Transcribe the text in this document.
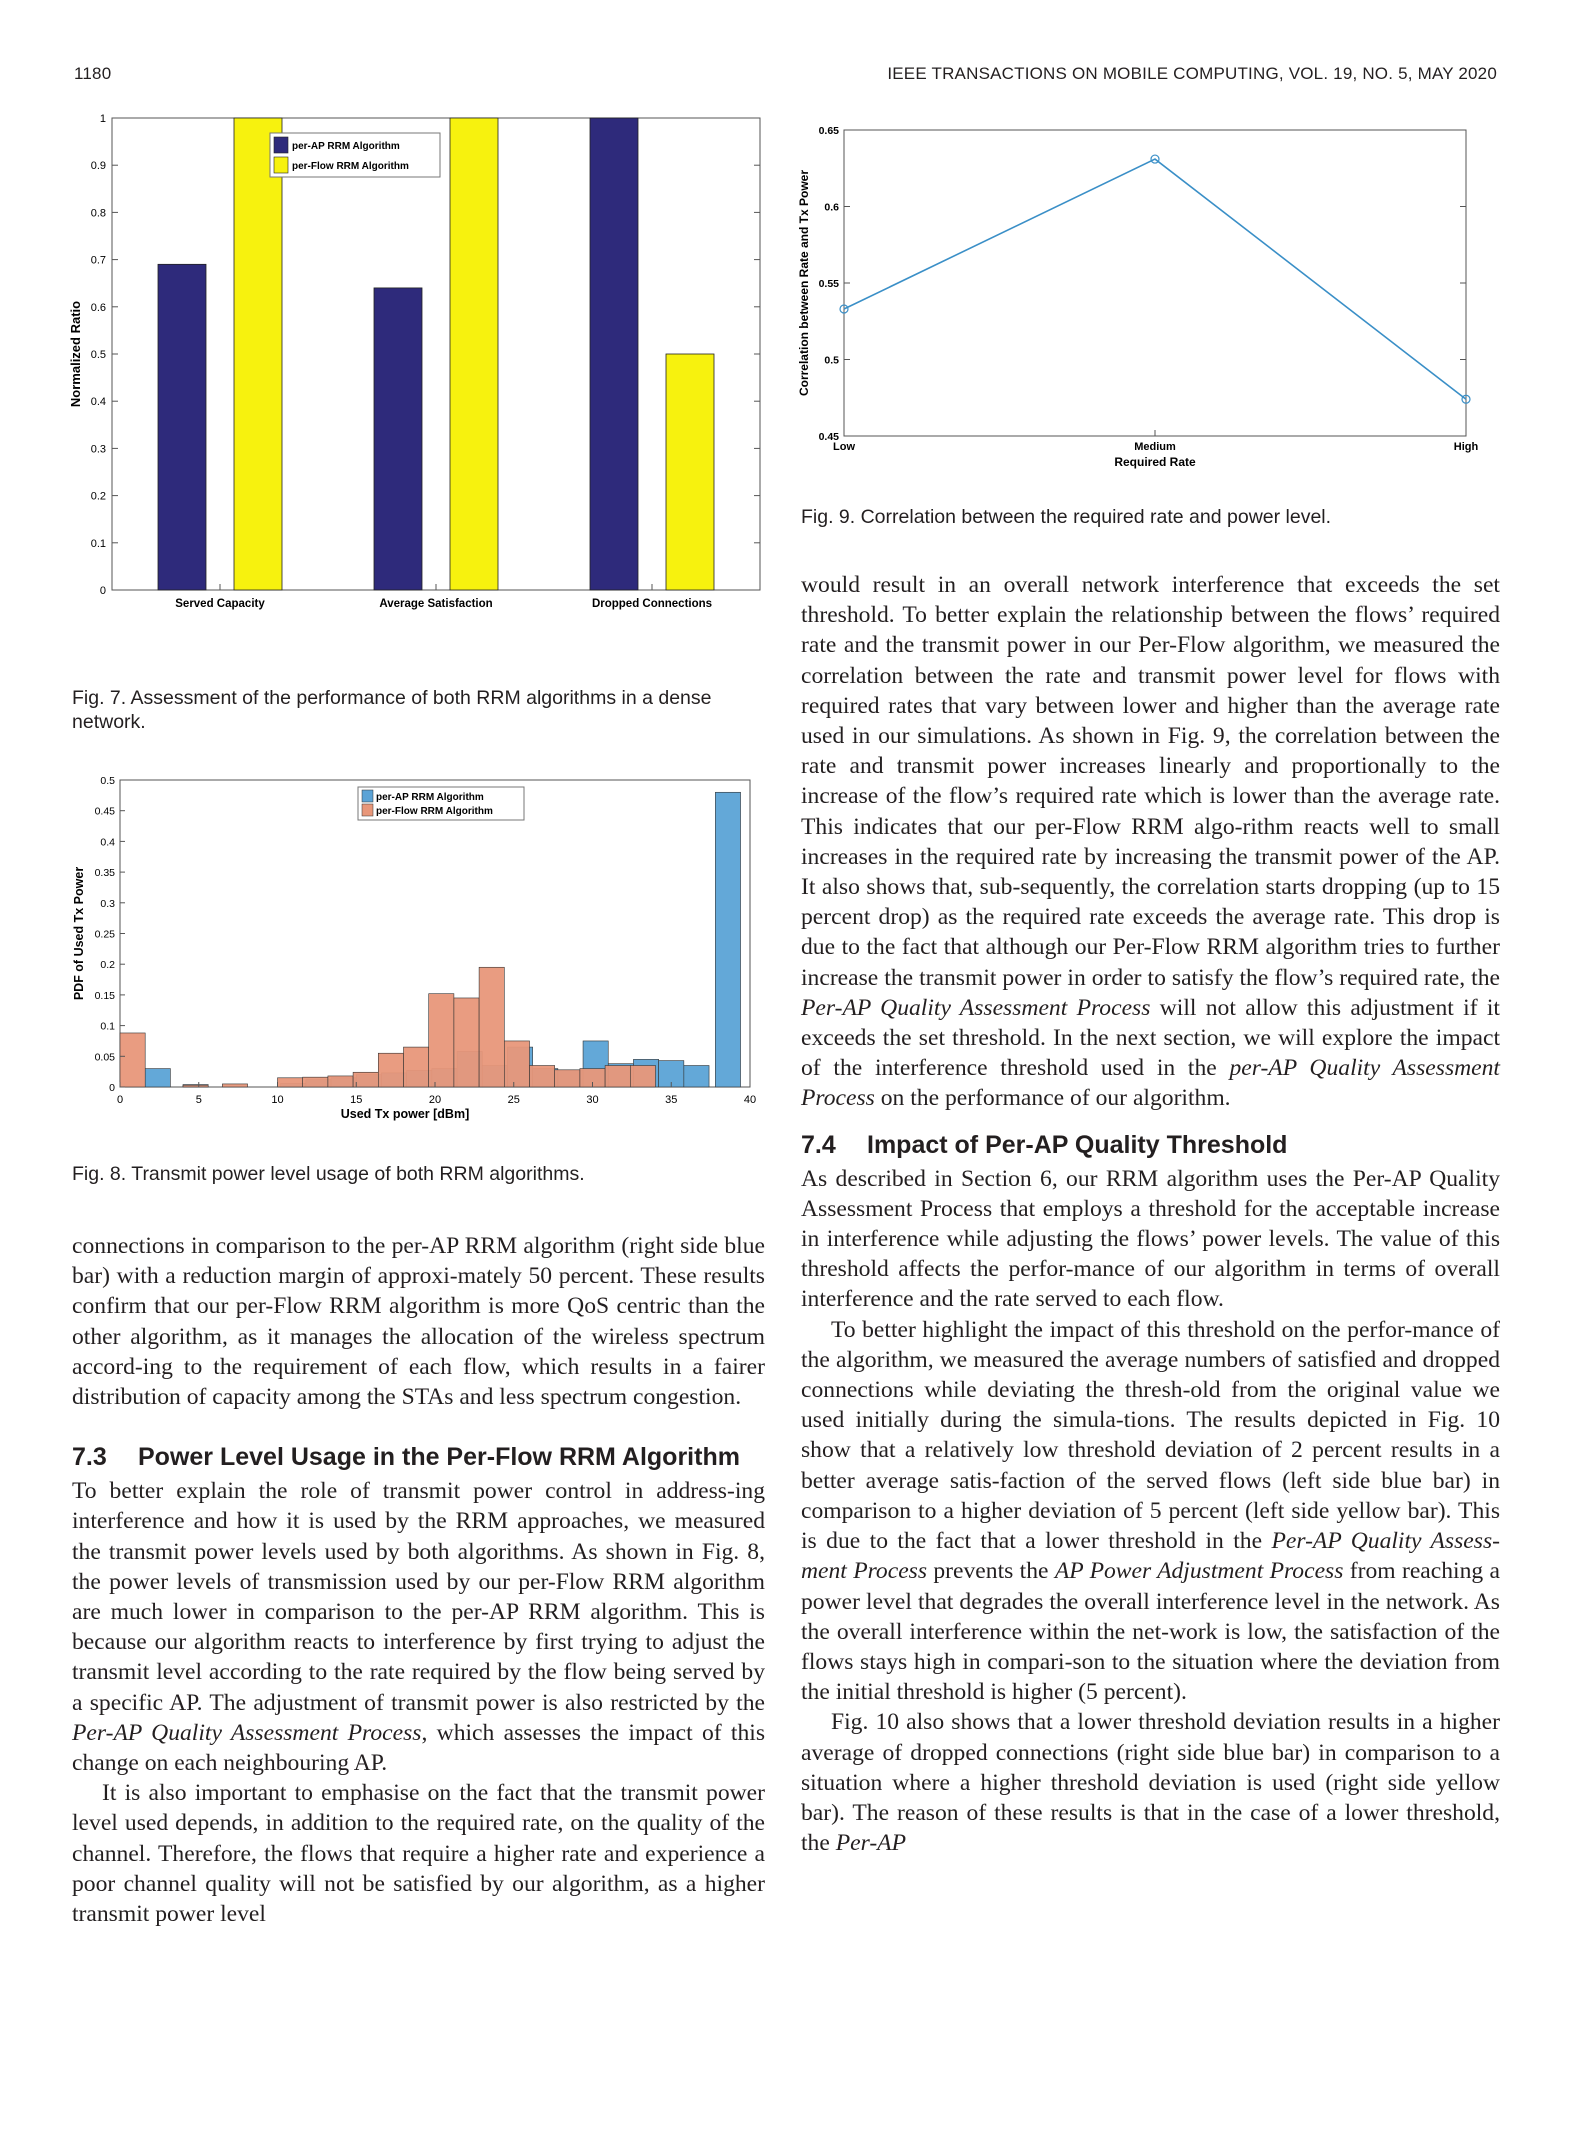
1180	IEEE TRANSACTIONS ON MOBILE COMPUTING, VOL. 19, NO. 5, MAY 2020
0
0.1
0.2
0.3
0.4
0.5
0.6
0.7
0.8
0.9
1
Served Capacity	Average Satisfaction	Dropped Connections
Normalized Ratio
per-AP RRM Algorithm
per-Flow RRM Algorithm
Fig. 7. Assessment of the performance of both RRM algorithms in a dense network.
0
0.05
0.1
0.15
0.2
0.25
0.3
0.35
0.4
0.45
0.5
0	5	10	15	20	25	30	35	40
Used Tx power [dBm]
PDF of Used Tx Power
per-AP RRM Algorithm
per-Flow RRM Algorithm
Fig. 8. Transmit power level usage of both RRM algorithms.
0.45
0.5
0.55
0.6
0.65
Low	Medium	High
Required Rate
Correlation between Rate and Tx Power
Fig. 9. Correlation between the required rate and power level.

connections in comparison to the per-AP RRM algorithm (right side blue bar) with a reduction margin of approxi-mately 50 percent. These results confirm that our per-Flow RRM algorithm is more QoS centric than the other algorithm, as it manages the allocation of the wireless spectrum accord-ing to the requirement of each flow, which results in a fairer distribution of capacity among the STAs and less spectrum congestion.

7.3	Power Level Usage in the Per-Flow RRM Algorithm

To better explain the role of transmit power control in address-ing interference and how it is used by the RRM approaches, we measured the transmit power levels used by both algorithms. As shown in Fig. 8, the power levels of transmission used by our per-Flow RRM algorithm are much lower in comparison to the per-AP RRM algorithm. This is because our algorithm reacts to interference by first trying to adjust the transmit level according to the rate required by the flow being served by a specific AP. The adjustment of transmit power is also restricted by the Per-AP Quality Assessment Process, which assesses the impact of this change on each neighbouring AP.

It is also important to emphasise on the fact that the transmit power level used depends, in addition to the required rate, on the quality of the channel. Therefore, the flows that require a higher rate and experience a poor channel quality will not be satisfied by our algorithm, as a higher transmit power level

would result in an overall network interference that exceeds the set threshold. To better explain the relationship between the flows’ required rate and the transmit power in our Per-Flow algorithm, we measured the correlation between the rate and transmit power level for flows with required rates that vary between lower and higher than the average rate used in our simulations. As shown in Fig. 9, the correlation between the rate and transmit power increases linearly and proportionally to the increase of the flow’s required rate which is lower than the average rate. This indicates that our per-Flow RRM algo-rithm reacts well to small increases in the required rate by increasing the transmit power of the AP. It also shows that, sub-sequently, the correlation starts dropping (up to 15 percent drop) as the required rate exceeds the average rate. This drop is due to the fact that although our Per-Flow RRM algorithm tries to further increase the transmit power in order to satisfy the flow’s required rate, the Per-AP Quality Assessment Process will not allow this adjustment if it exceeds the set threshold. In the next section, we will explore the impact of the interference threshold used in the per-AP Quality Assessment Process on the performance of our algorithm.

7.4	Impact of Per-AP Quality Threshold

As described in Section 6, our RRM algorithm uses the Per-AP Quality Assessment Process that employs a threshold for the acceptable increase in interference while adjusting the flows’ power levels. The value of this threshold affects the perfor-mance of our algorithm in terms of overall interference and the rate served to each flow.

To better highlight the impact of this threshold on the perfor-mance of the algorithm, we measured the average numbers of satisfied and dropped connections while deviating the thresh-old from the original value we used initially during the simula-tions. The results depicted in Fig. 10 show that a relatively low threshold deviation of 2 percent results in a better average satis-faction of the served flows (left side blue bar) in comparison to a higher deviation of 5 percent (left side yellow bar). This is due to the fact that a lower threshold in the Per-AP Quality Assess-ment Process prevents the AP Power Adjustment Process from reaching a power level that degrades the overall interference level in the network. As the overall interference within the net-work is low, the satisfaction of the flows stays high in compari-son to the situation where the deviation from the initial threshold is higher (5 percent).

Fig. 10 also shows that a lower threshold deviation results in a higher average of dropped connections (right side blue bar) in comparison to a situation where a higher threshold deviation is used (right side yellow bar). The reason of these results is that in the case of a lower threshold, the Per-AP
